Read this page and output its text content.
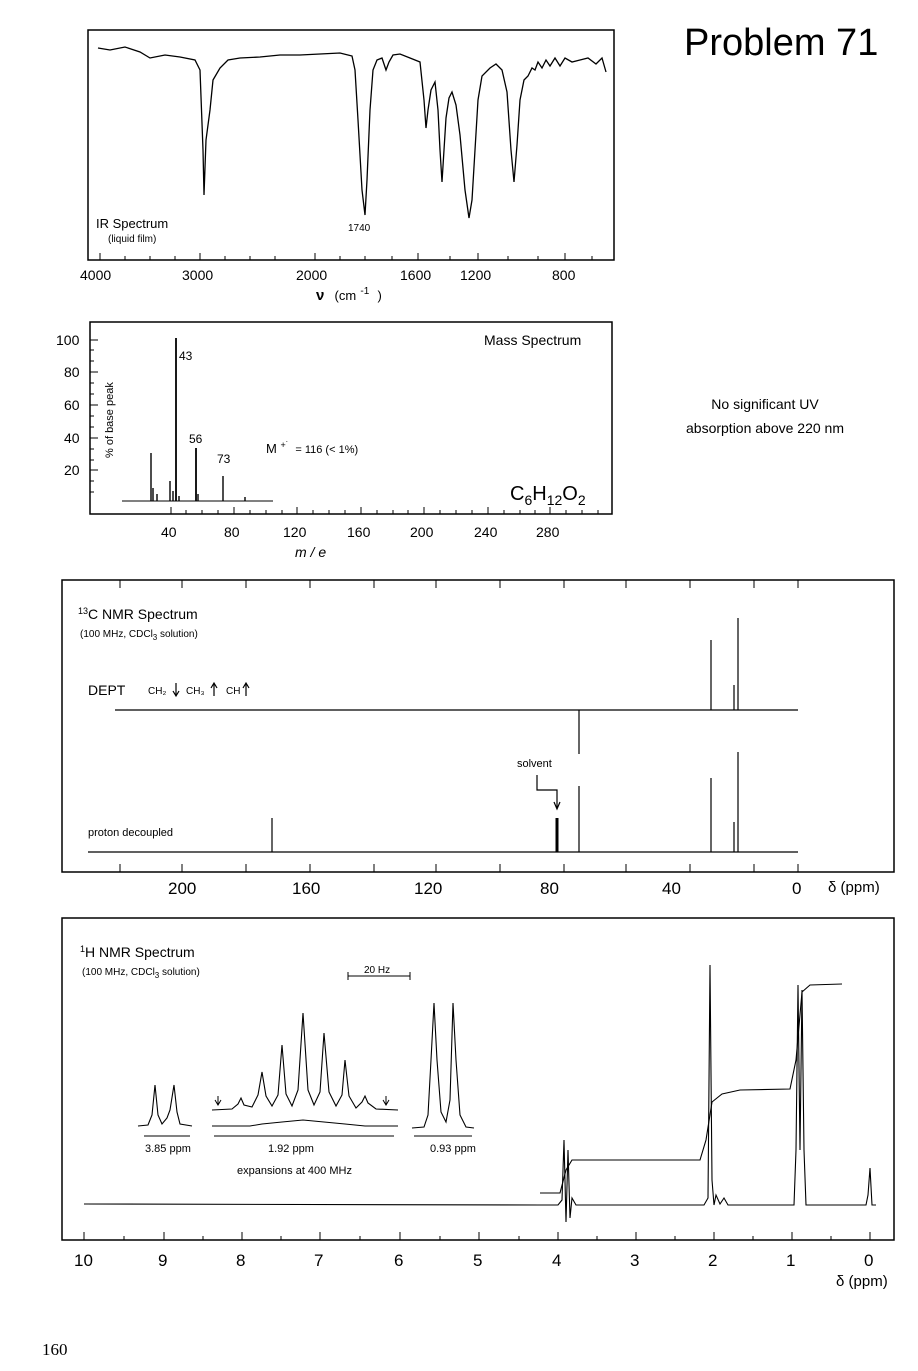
Problem 71
No significant UV
absorption above 220 nm
IR Spectrum
(liquid film)
1740
4000	3000	2000	1600 1200	800
ν (cm $^{-1}$ )
Mass Spectrum
% of base peak
100
80
60
40
20
43
56
73
M +˙ $_{= 116 (< 1\%)}$
$C_6H_{12}O_2$
40	80	120	160	200	240	280
m / e
$^{13}$C NMR Spectrum
(100 MHz, CDCl$_3$ solution)
DEPT CH₂ CH₃ CH
solvent
proton decoupled
200	160	120	80	40	0 δ (ppm)
$^1$H NMR Spectrum
(100 MHz, CDCl$_3$ solution)	20 Hz
3.85 ppm	1.92 ppm
expansions at 400 MHz
0.93 ppm
10	9	8	7	6	5	4	3	2	1	0
δ (ppm)
160
